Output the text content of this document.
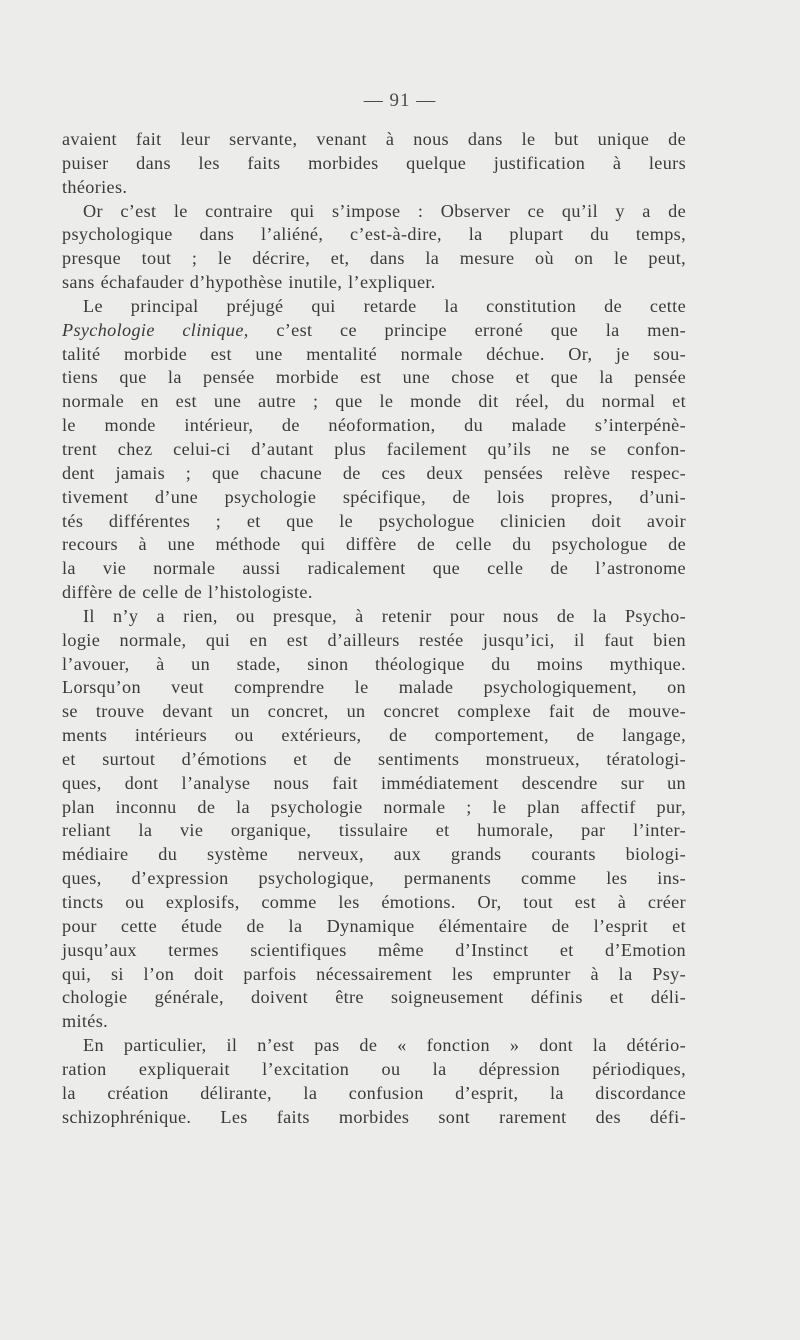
— 91 —
avaient fait leur servante, venant à nous dans le but unique de
puiser dans les faits morbides quelque justification à leurs
théories.
Or c’est le contraire qui s’impose : Observer ce qu’il y a de
psychologique dans l’aliéné, c’est-à-dire, la plupart du temps,
presque tout ; le décrire, et, dans la mesure où on le peut,
sans échafauder d’hypothèse inutile, l’expliquer.
Le principal préjugé qui retarde la constitution de cette
Psychologie clinique, c’est ce principe erroné que la men-
talité morbide est une mentalité normale déchue. Or, je sou-
tiens que la pensée morbide est une chose et que la pensée
normale en est une autre ; que le monde dit réel, du normal et
le monde intérieur, de néoformation, du malade s’interpénè-
trent chez celui-ci d’autant plus facilement qu’ils ne se confon-
dent jamais ; que chacune de ces deux pensées relève respec-
tivement d’une psychologie spécifique, de lois propres, d’uni-
tés différentes ; et que le psychologue clinicien doit avoir
recours à une méthode qui diffère de celle du psychologue de
la vie normale aussi radicalement que celle de l’astronome
diffère de celle de l’histologiste.
Il n’y a rien, ou presque, à retenir pour nous de la Psycho-
logie normale, qui en est d’ailleurs restée jusqu’ici, il faut bien
l’avouer, à un stade, sinon théologique du moins mythique.
Lorsqu’on veut comprendre le malade psychologiquement, on
se trouve devant un concret, un concret complexe fait de mouve-
ments intérieurs ou extérieurs, de comportement, de langage,
et surtout d’émotions et de sentiments monstrueux, tératologi-
ques, dont l’analyse nous fait immédiatement descendre sur un
plan inconnu de la psychologie normale ; le plan affectif pur,
reliant la vie organique, tissulaire et humorale, par l’inter-
médiaire du système nerveux, aux grands courants biologi-
ques, d’expression psychologique, permanents comme les ins-
tincts ou explosifs, comme les émotions. Or, tout est à créer
pour cette étude de la Dynamique élémentaire de l’esprit et
jusqu’aux termes scientifiques même d’Instinct et d’Emotion
qui, si l’on doit parfois nécessairement les emprunter à la Psy-
chologie générale, doivent être soigneusement définis et déli-
mités.
En particulier, il n’est pas de « fonction » dont la détério-
ration expliquerait l’excitation ou la dépression périodiques,
la création délirante, la confusion d’esprit, la discordance
schizophrénique. Les faits morbides sont rarement des défi-
